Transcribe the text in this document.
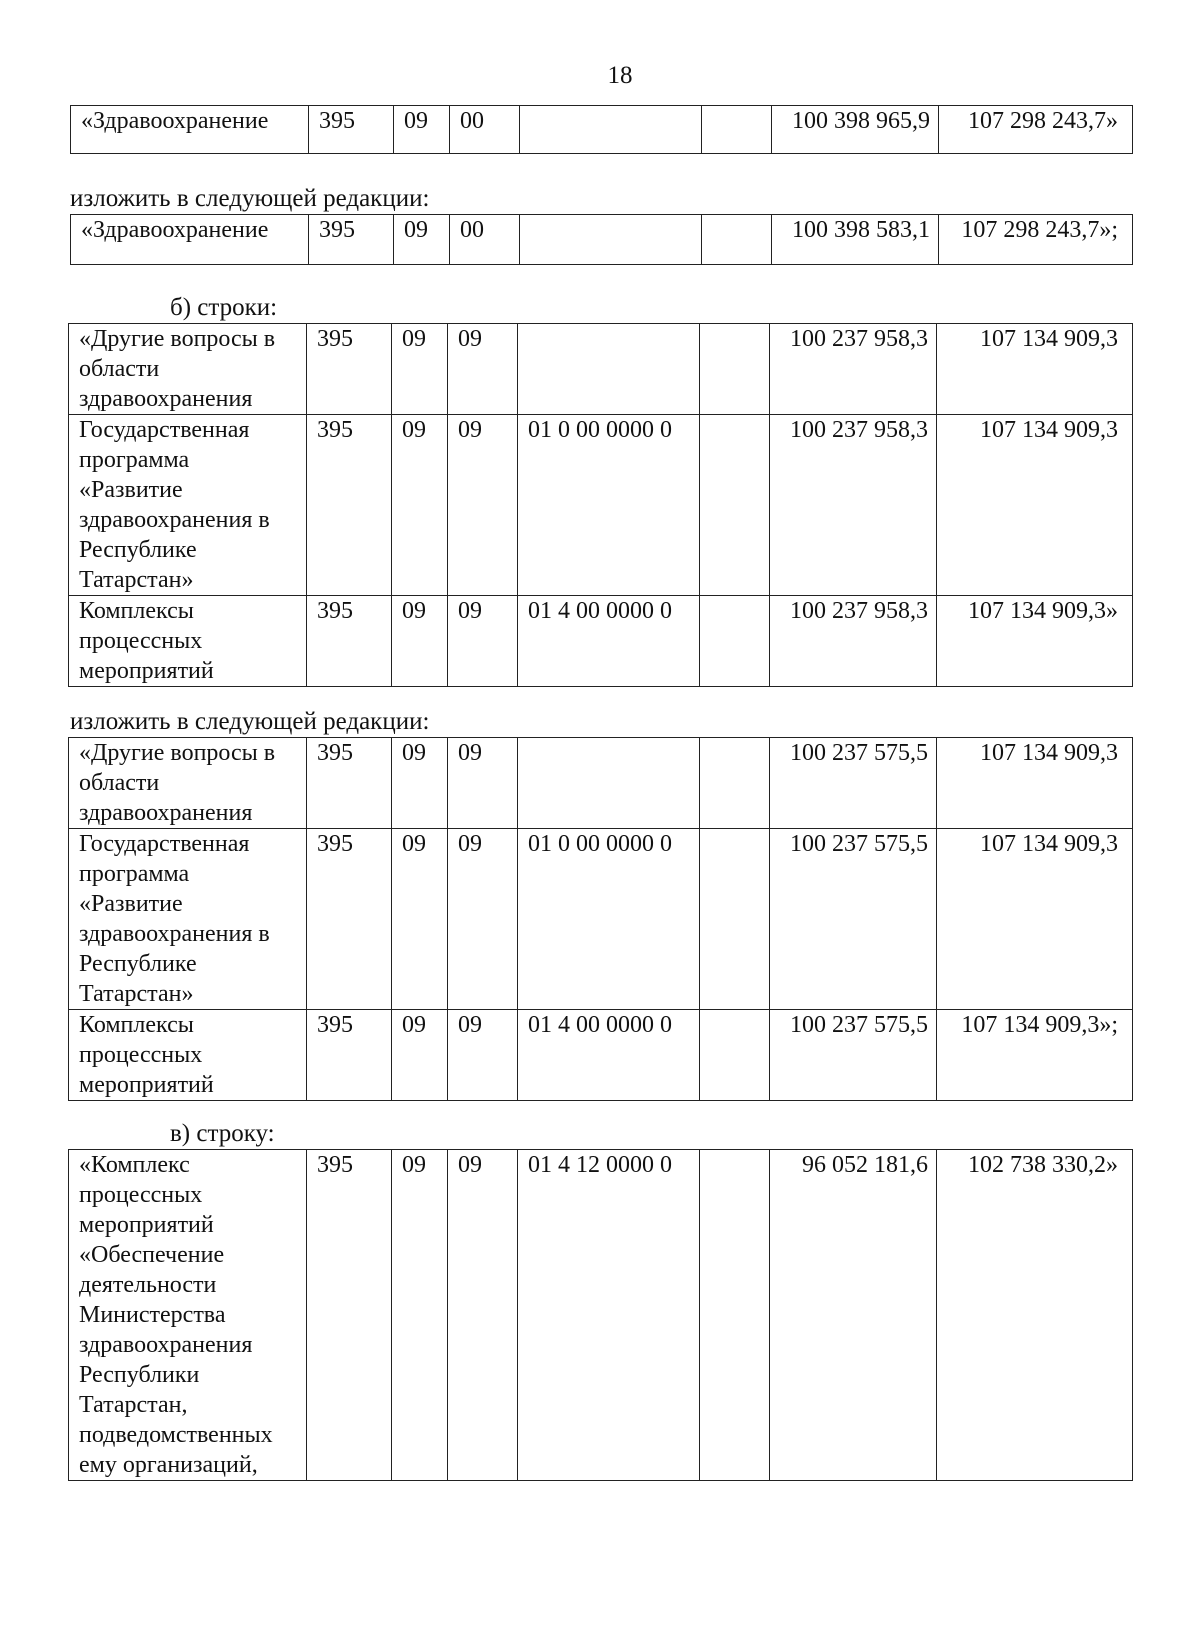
18
«Здравоохранение	395	09	00			100 398 965,9	107 298 243,7»
изложить в следующей редакции:
«Здравоохранение	395	09	00			100 398 583,1	107 298 243,7»;
б) строки:
«Другие вопросы в области здравоохранения	395	09	09			100 237 958,3	107 134 909,3
Государственная программа «Развитие здравоохранения в Республике Татарстан»	395	09	09	01 0 00 0000 0		100 237 958,3	107 134 909,3
Комплексы процессных мероприятий	395	09	09	01 4 00 0000 0		100 237 958,3	107 134 909,3»
изложить в следующей редакции:
«Другие вопросы в области здравоохранения	395	09	09			100 237 575,5	107 134 909,3
Государственная программа «Развитие здравоохранения в Республике Татарстан»	395	09	09	01 0 00 0000 0		100 237 575,5	107 134 909,3
Комплексы процессных мероприятий	395	09	09	01 4 00 0000 0		100 237 575,5	107 134 909,3»;
в) строку:
«Комплекс процессных мероприятий «Обеспечение деятельности Министерства здравоохранения Республики Татарстан, подведомственных ему организаций,	395	09	09	01 4 12 0000 0		96 052 181,6	102 738 330,2»
